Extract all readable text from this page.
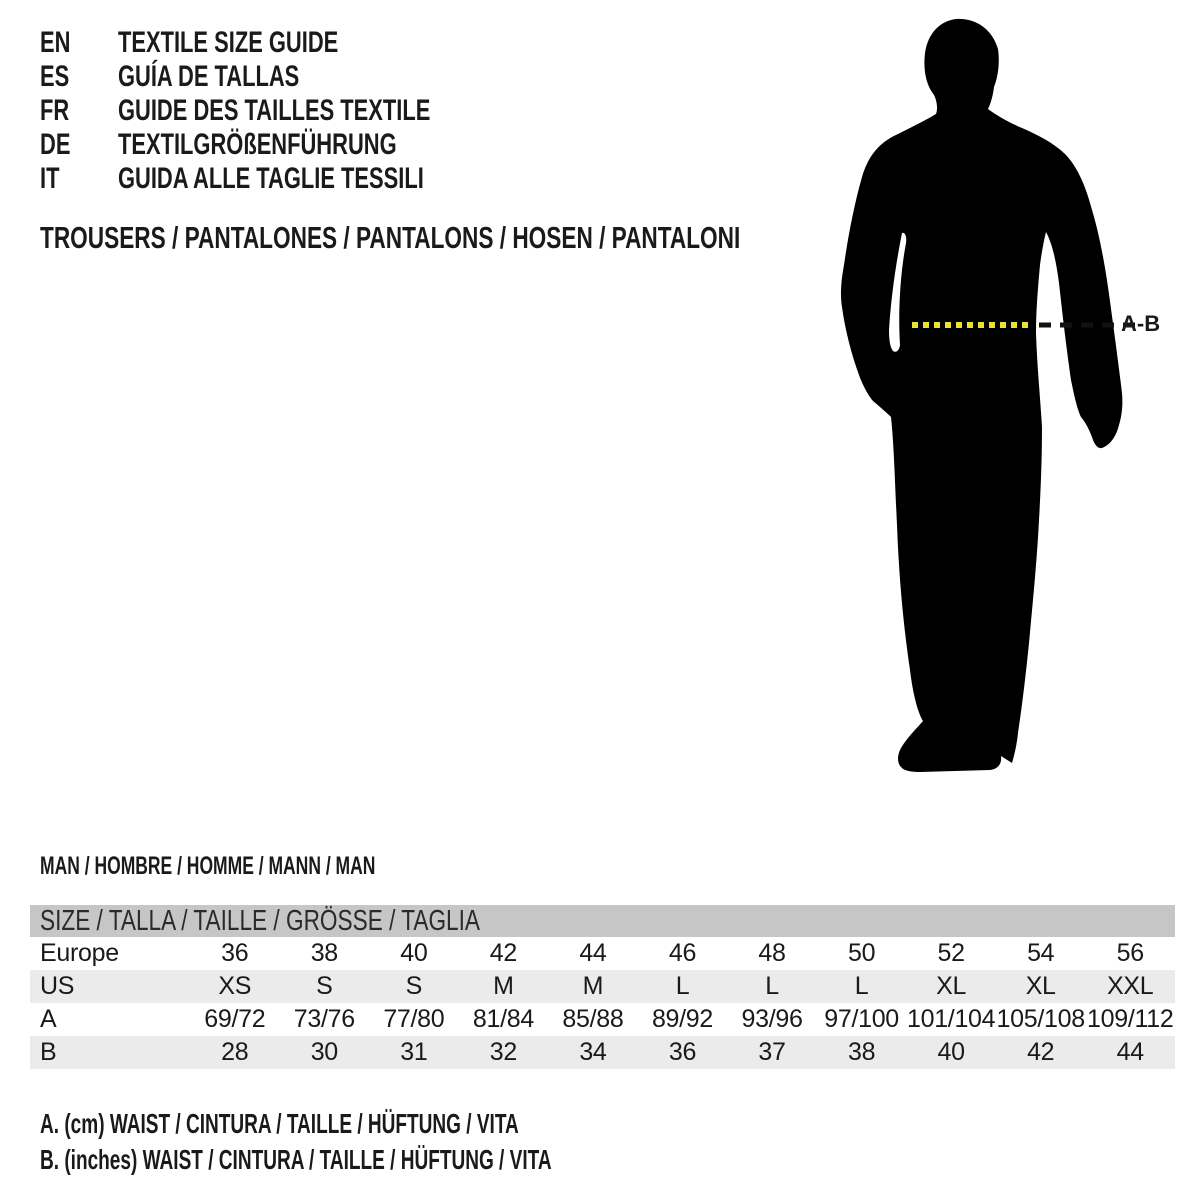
EN	TEXTILE SIZE GUIDE
ES	GUÍA DE TALLAS
FR	GUIDE DES TAILLES TEXTILE
DE	TEXTILGRÖßENFÜHRUNG
IT	GUIDA ALLE TAGLIE TESSILI
TROUSERS / PANTALONES / PANTALONS / HOSEN / PANTALONI
A-B
MAN / HOMBRE / HOMME / MANN / MAN
SIZE / TALLA / TAILLE / GRÖSSE / TAGLIA
Europe	36	38	40	42	44	46	48	50	52	54	56
US	XS	S	S	M	M	L	L	L	XL	XL	XXL
A	69/72	73/76	77/80	81/84	85/88	89/92	93/96 97/100 101/104 105/108 109/112
B	28	30	31	32	34	36	37	38	40	42	44
A. (cm) WAIST / CINTURA / TAILLE / HÜFTUNG / VITA
B. (inches) WAIST / CINTURA / TAILLE / HÜFTUNG / VITA
